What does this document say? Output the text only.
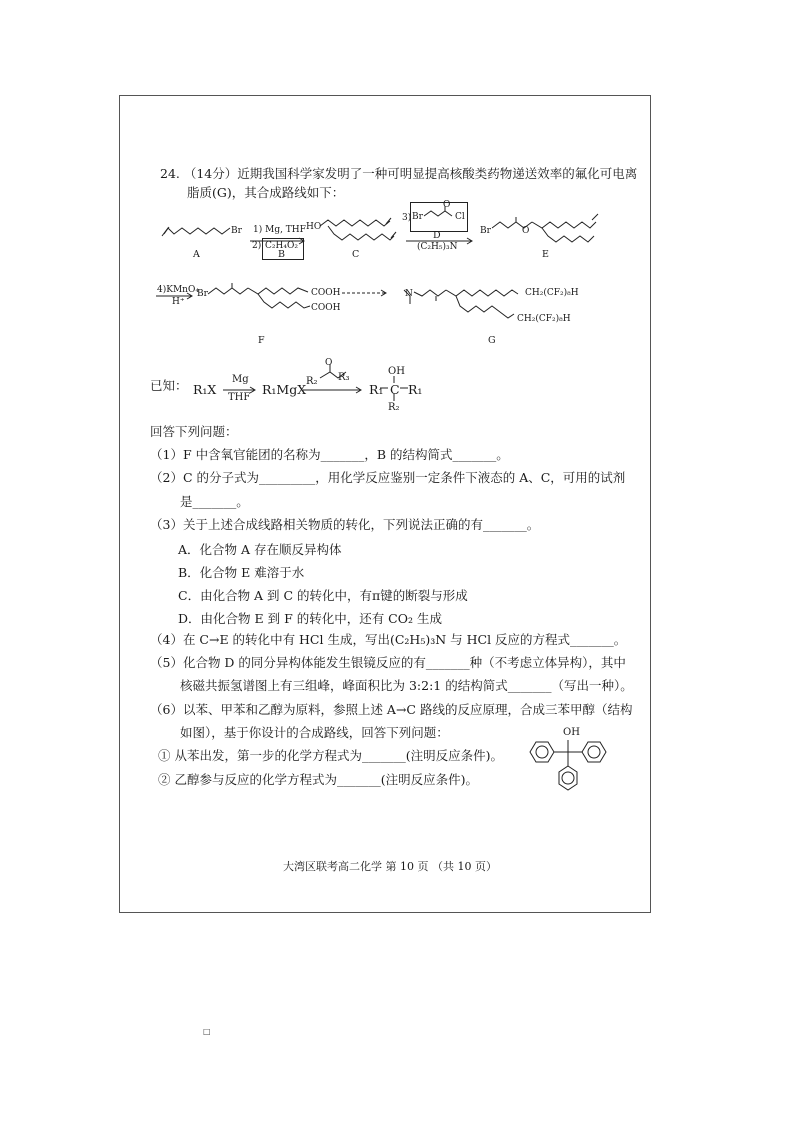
24. （14分）近期我国科学家发明了一种可明显提高核酸类药物递送效率的氟化可电离
脂质(G)，其合成路线如下：
Br
A
1) Mg, THF
2) C₂H₄O₂
B
HO
C
3) Br
O
Cl
D
(C₂H₅)₃N
Br	O
E
4)KMnO₄
H⁺
Br	COOH
COOH
F
N	CH₂(CF₂)₈H
CH₂(CF₂)₈H
G
已知： R₁X
Mg
THF
R₁MgX
O
R₂ R₃
OH
R₁ C R₁
R₂
回答下列问题：
（1）F 中含氧官能团的名称为_______，B 的结构简式_______。
（2）C 的分子式为_________，用化学反应鉴别一定条件下液态的 A、C，可用的试剂
是_______。
（3）关于上述合成线路相关物质的转化，下列说法正确的有_______。
A．化合物 A 存在顺反异构体
B．化合物 E 难溶于水
C．由化合物 A 到 C 的转化中，有π键的断裂与形成
D．由化合物 E 到 F 的转化中，还有 CO₂ 生成
（4）在 C→E 的转化中有 HCl 生成，写出(C₂H₅)₃N 与 HCl 反应的方程式_______。
（5）化合物 D 的同分异构体能发生银镜反应的有_______种（不考虑立体异构），其中
核磁共振氢谱图上有三组峰，峰面积比为 3:2:1 的结构简式_______（写出一种）。
（6）以苯、甲苯和乙醇为原料，参照上述 A→C 路线的反应原理，合成三苯甲醇（结构
如图），基于你设计的合成路线，回答下列问题：
① 从苯出发，第一步的化学方程式为_______(注明反应条件)。
② 乙醇参与反应的化学方程式为_______(注明反应条件)。
OH
大湾区联考高二化学 第 10 页 （共 10 页）
□
